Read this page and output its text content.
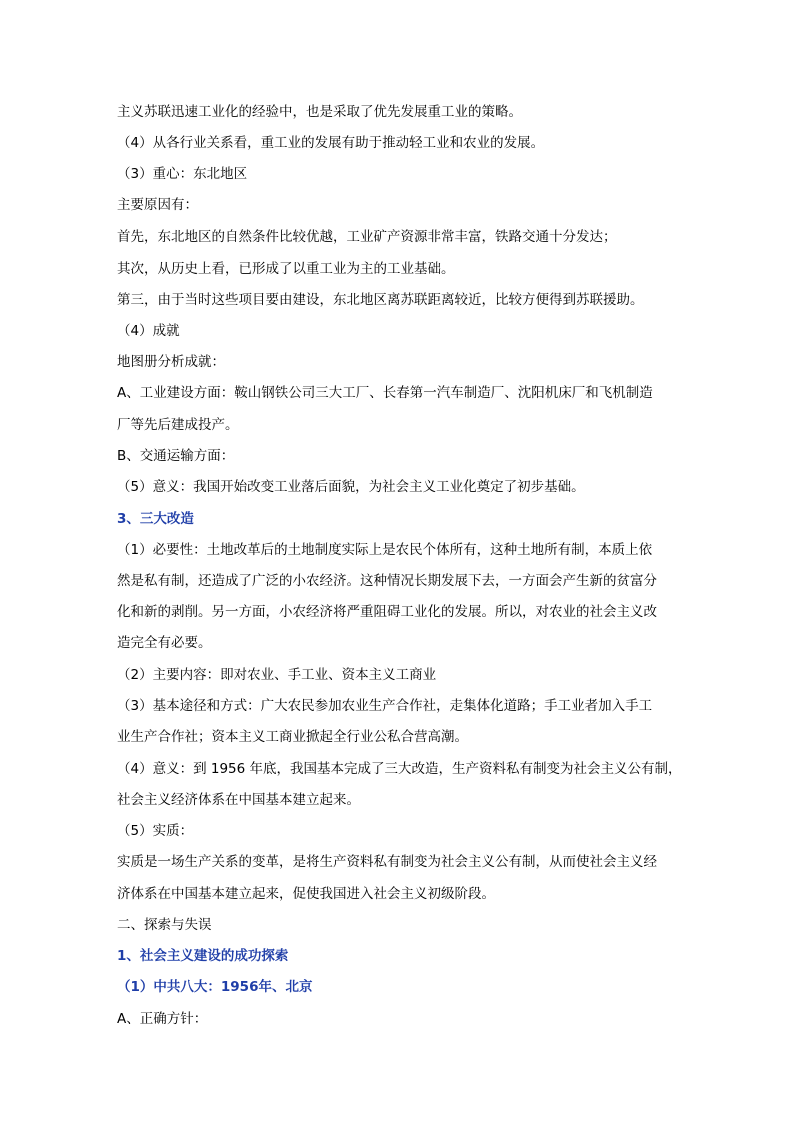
主义苏联迅速工业化的经验中，也是采取了优先发展重工业的策略。
（4）从各行业关系看，重工业的发展有助于推动轻工业和农业的发展。
（3）重心：东北地区
主要原因有：
首先，东北地区的自然条件比较优越，工业矿产资源非常丰富，铁路交通十分发达；
其次，从历史上看，已形成了以重工业为主的工业基础。
第三，由于当时这些项目要由建设，东北地区离苏联距离较近，比较方便得到苏联援助。
（4）成就
地图册分析成就：
A、工业建设方面：鞍山钢铁公司三大工厂、长春第一汽车制造厂、沈阳机床厂和飞机制造
厂等先后建成投产。
B、交通运输方面：
（5）意义：我国开始改变工业落后面貌，为社会主义工业化奠定了初步基础。
3、三大改造
（1）必要性：土地改革后的土地制度实际上是农民个体所有，这种土地所有制，本质上依
然是私有制，还造成了广泛的小农经济。这种情况长期发展下去，一方面会产生新的贫富分
化和新的剥削。另一方面，小农经济将严重阻碍工业化的发展。所以，对农业的社会主义改
造完全有必要。
（2）主要内容：即对农业、手工业、资本主义工商业
（3）基本途径和方式：广大农民参加农业生产合作社，走集体化道路；手工业者加入手工
业生产合作社；资本主义工商业掀起全行业公私合营高潮。
（4）意义：到 1956 年底，我国基本完成了三大改造，生产资料私有制变为社会主义公有制，
社会主义经济体系在中国基本建立起来。
（5）实质：
实质是一场生产关系的变革，是将生产资料私有制变为社会主义公有制，从而使社会主义经
济体系在中国基本建立起来，促使我国进入社会主义初级阶段。
二、探索与失误
1、社会主义建设的成功探索
（1）中共八大：1956年、北京
A、正确方针：
